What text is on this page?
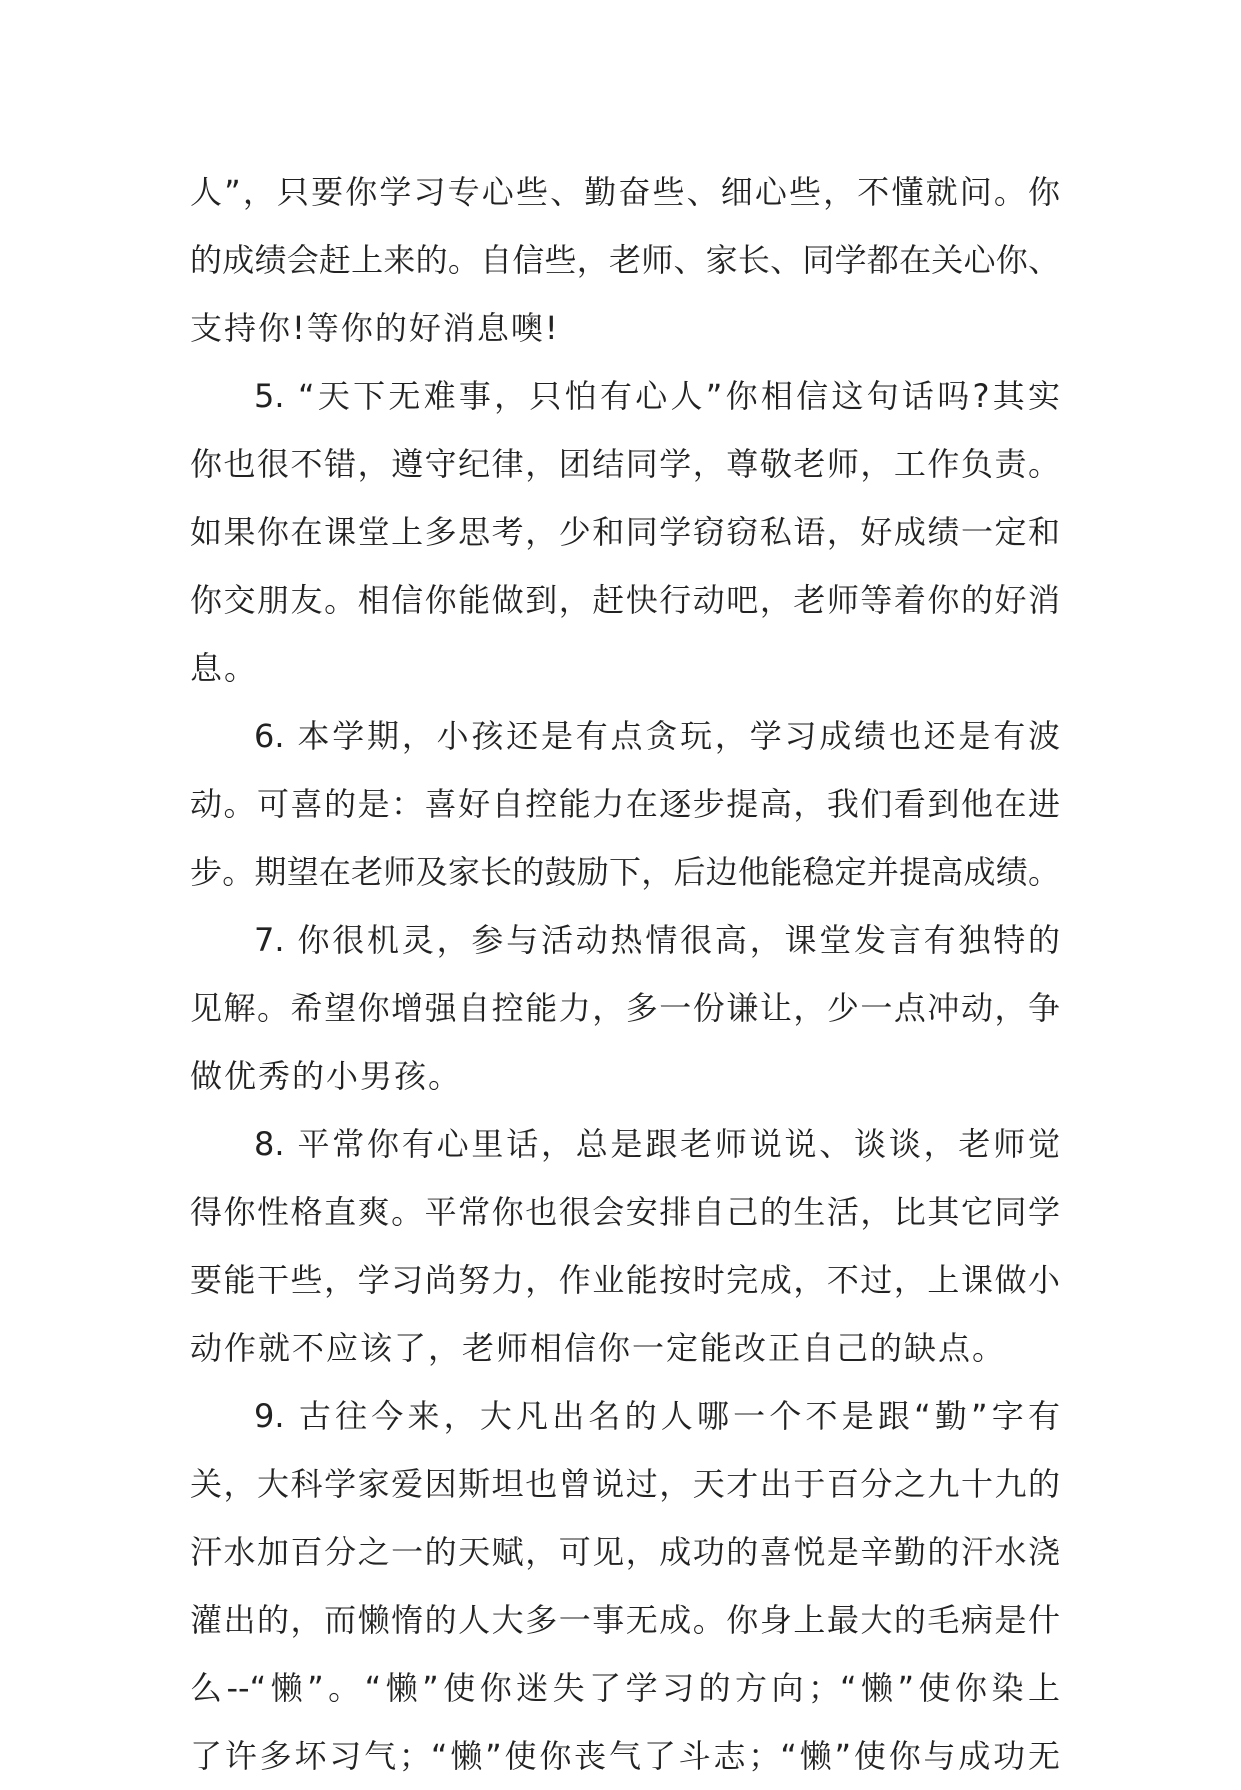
人”，只要你学习专心些、勤奋些、细心些，不懂就问。你
的成绩会赶上来的。自信些，老师、家长、同学都在关心你、
支持你!等你的好消息噢!
5. “天下无难事，只怕有心人”你相信这句话吗?其实
你也很不错，遵守纪律，团结同学，尊敬老师，工作负责。
如果你在课堂上多思考，少和同学窃窃私语，好成绩一定和
你交朋友。相信你能做到，赶快行动吧，老师等着你的好消
息。
6. 本学期，小孩还是有点贪玩，学习成绩也还是有波
动。可喜的是：喜好自控能力在逐步提高，我们看到他在进
步。期望在老师及家长的鼓励下，后边他能稳定并提高成绩。
7. 你很机灵，参与活动热情很高，课堂发言有独特的
见解。希望你增强自控能力，多一份谦让，少一点冲动，争
做优秀的小男孩。
8. 平常你有心里话，总是跟老师说说、谈谈，老师觉
得你性格直爽。平常你也很会安排自己的生活，比其它同学
要能干些，学习尚努力，作业能按时完成，不过，上课做小
动作就不应该了，老师相信你一定能改正自己的缺点。
9. 古往今来，大凡出名的人哪一个不是跟“勤”字有
关，大科学家爱因斯坦也曾说过，天才出于百分之九十九的
汗水加百分之一的天赋，可见，成功的喜悦是辛勤的汗水浇
灌出的，而懒惰的人大多一事无成。你身上最大的毛病是什
么--“懒”。“懒”使你迷失了学习的方向；“懒”使你染上
了许多坏习气；“懒”使你丧气了斗志；“懒”使你与成功无
